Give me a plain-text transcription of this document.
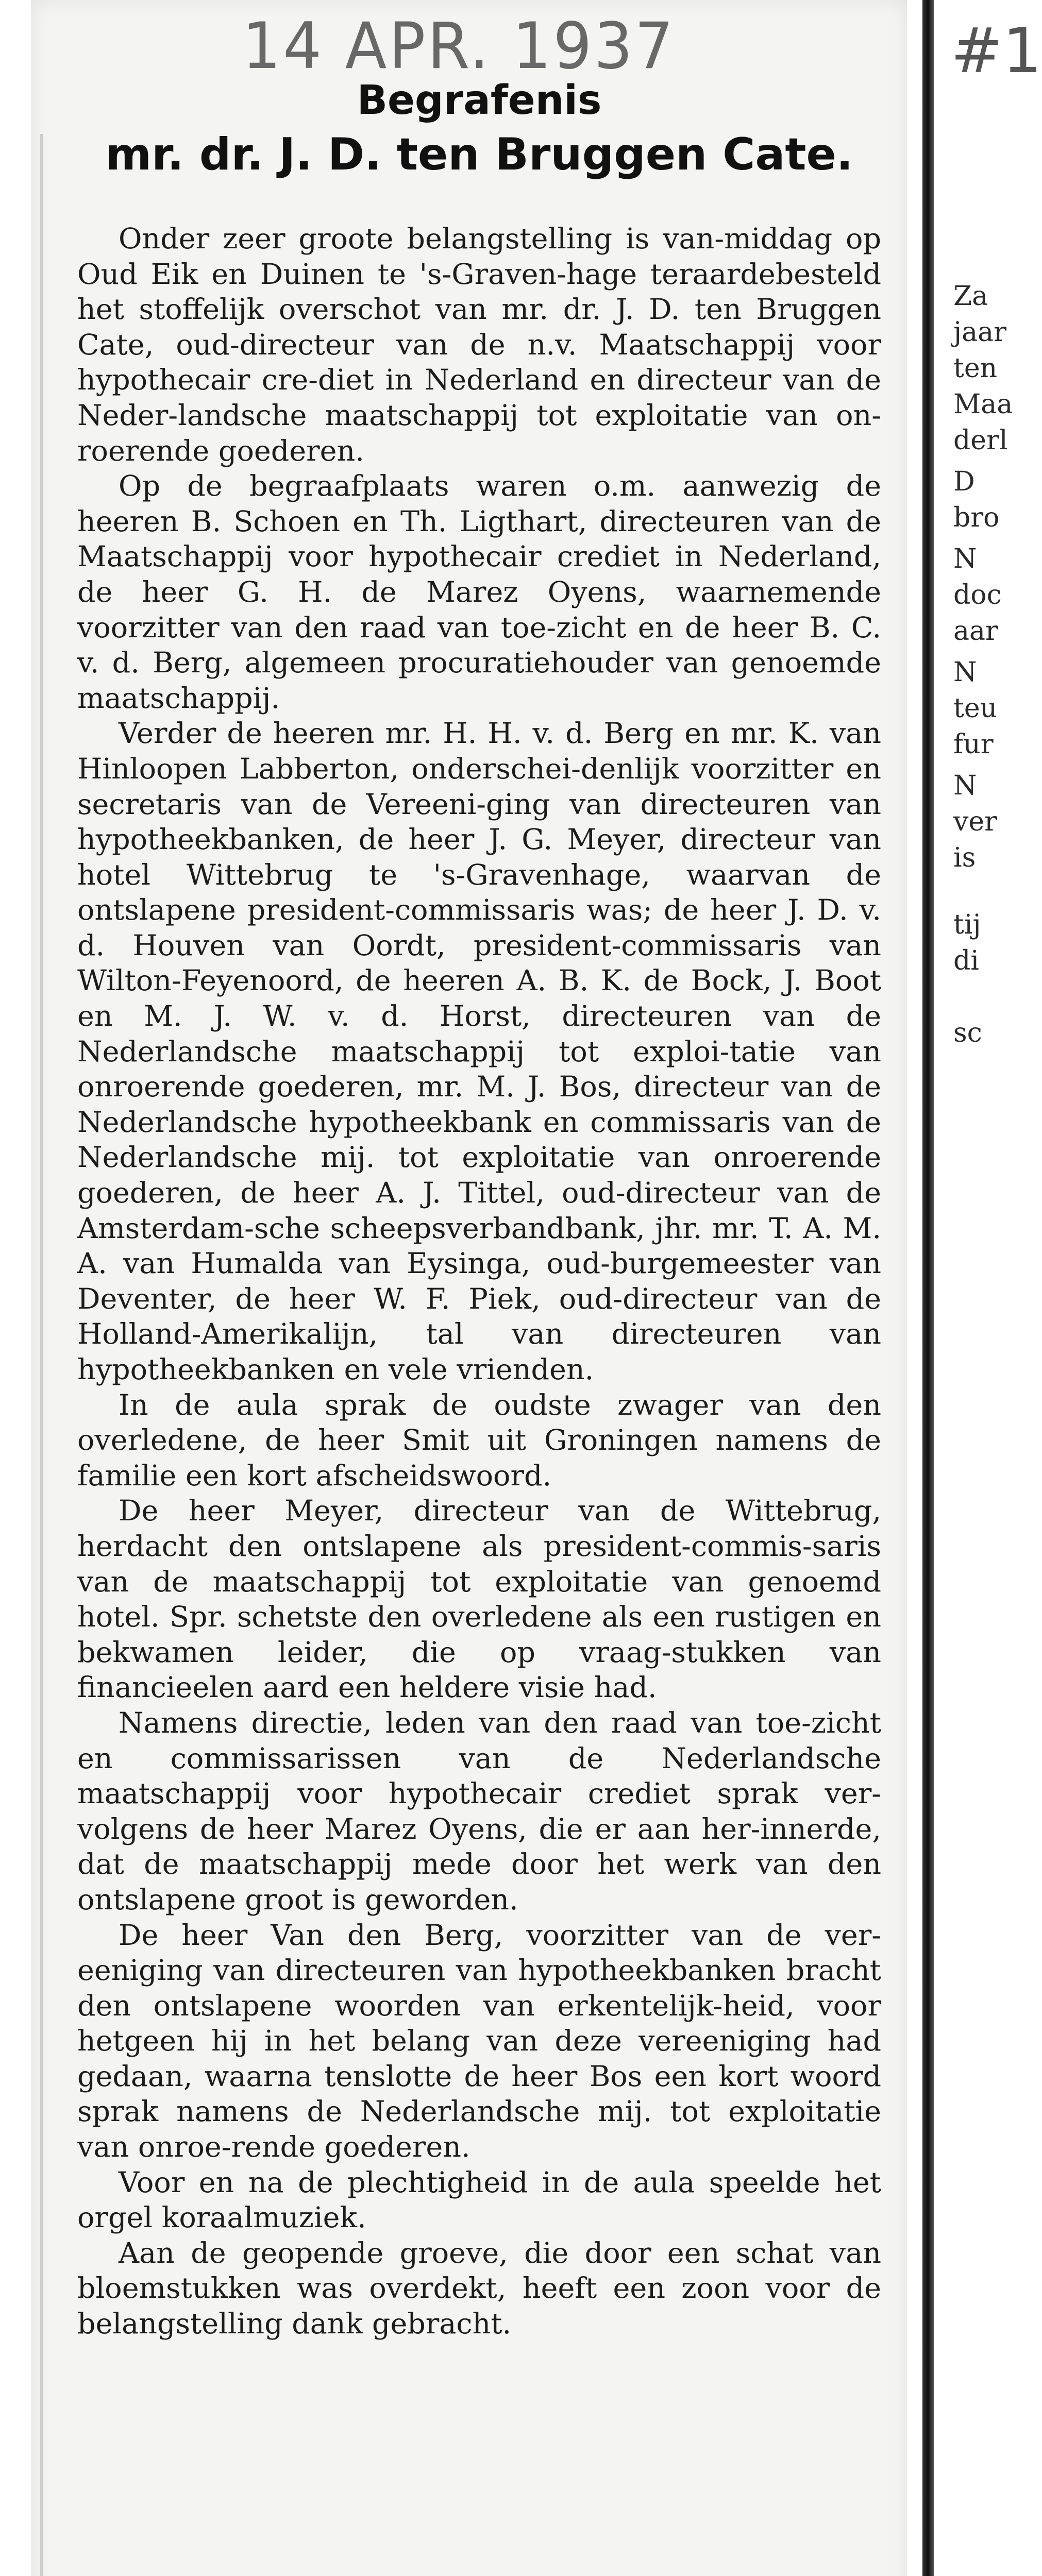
14 APR. 1937
Begrafenis
mr. dr. J. D. ten Bruggen Cate.

Onder zeer groote belangstelling is van-middag op Oud Eik en Duinen te 's-Graven-hage teraardebesteld het stoffelijk overschot van mr. dr. J. D. ten Bruggen Cate, oud-directeur van de n.v. Maatschappij voor hypothecair cre-diet in Nederland en directeur van de Neder-landsche maatschappij tot exploitatie van on-roerende goederen.

Op de begraafplaats waren o.m. aanwezig de heeren B. Schoen en Th. Ligthart, directeuren van de Maatschappij voor hypothecair crediet in Nederland, de heer G. H. de Marez Oyens, waarnemende voorzitter van den raad van toe-zicht en de heer B. C. v. d. Berg, algemeen procuratiehouder van genoemde maatschappij.

Verder de heeren mr. H. H. v. d. Berg en mr. K. van Hinloopen Labberton, onderschei-denlijk voorzitter en secretaris van de Vereeni-ging van directeuren van hypotheekbanken, de heer J. G. Meyer, directeur van hotel Wittebrug te 's-Gravenhage, waarvan de ontslapene president-commissaris was; de heer J. D. v. d. Houven van Oordt, president-commissaris van Wilton-Feyenoord, de heeren A. B. K. de Bock, J. Boot en M. J. W. v. d. Horst, directeuren van de Nederlandsche maatschappij tot exploi-tatie van onroerende goederen, mr. M. J. Bos, directeur van de Nederlandsche hypotheekbank en commissaris van de Nederlandsche mij. tot exploitatie van onroerende goederen, de heer A. J. Tittel, oud-directeur van de Amsterdam-sche scheepsverbandbank, jhr. mr. T. A. M. A. van Humalda van Eysinga, oud-burgemeester van Deventer, de heer W. F. Piek, oud-directeur van de Holland-Amerikalijn, tal van directeuren van hypotheekbanken en vele vrienden.

In de aula sprak de oudste zwager van den overledene, de heer Smit uit Groningen namens de familie een kort afscheidswoord.

De heer Meyer, directeur van de Wittebrug, herdacht den ontslapene als president-commis-saris van de maatschappij tot exploitatie van genoemd hotel. Spr. schetste den overledene als een rustigen en bekwamen leider, die op vraag-stukken van financieelen aard een heldere visie had.

Namens directie, leden van den raad van toe-zicht en commissarissen van de Nederlandsche maatschappij voor hypothecair crediet sprak ver-volgens de heer Marez Oyens, die er aan her-innerde, dat de maatschappij mede door het werk van den ontslapene groot is geworden.

De heer Van den Berg, voorzitter van de ver-eeniging van directeuren van hypotheekbanken bracht den ontslapene woorden van erkentelijk-heid, voor hetgeen hij in het belang van deze vereeniging had gedaan, waarna tenslotte de heer Bos een kort woord sprak namens de Nederlandsche mij. tot exploitatie van onroe-rende goederen.

Voor en na de plechtigheid in de aula speelde het orgel koraalmuziek.

Aan de geopende groeve, die door een schat van bloemstukken was overdekt, heeft een zoon voor de belangstelling dank gebracht.

#1
Za
jaar
ten
Maa
derl
D
bro
N
doc
aar
N
teu
fur
N
ver
is
tij
di
sc
